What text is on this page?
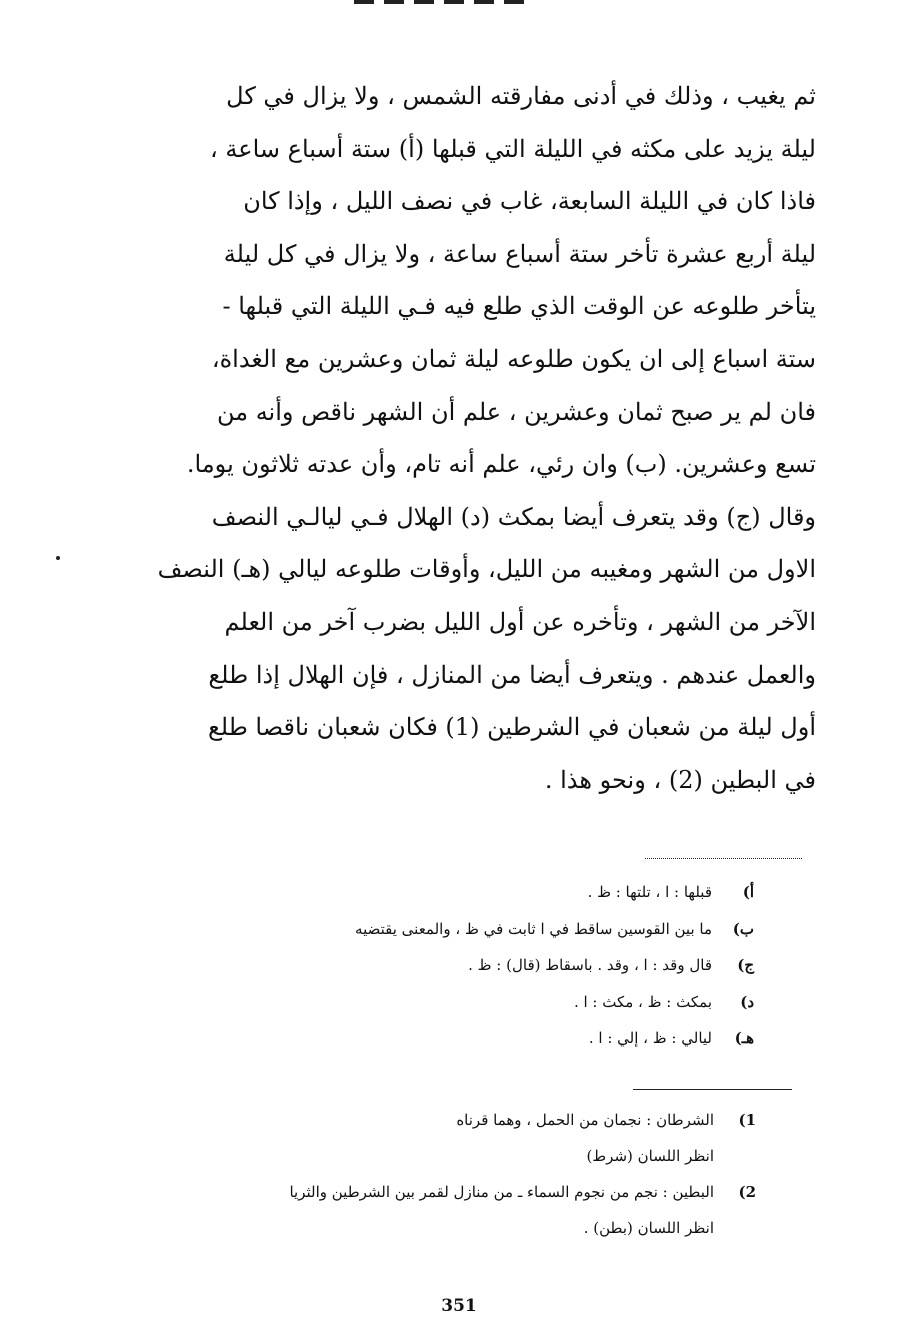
ثم يغيب ، وذلك في أدنى مفارقته الشمس ، ولا يزال في كل

ليلة يزيد على مكثه في الليلة التي قبلها (أ) ستة أسباع ساعة ،

فاذا كان في الليلة السابعة، غاب في نصف الليل ، وإذا كان

ليلة أربع عشرة تأخر ستة أسباع ساعة ، ولا يزال في كل ليلة

يتأخر طلوعه عن الوقت الذي طلع فيه فـي الليلة التي قبلها -

ستة اسباع إلى ان يكون طلوعه ليلة ثمان وعشرين مع الغداة،

فان لم ير صبح ثمان وعشرين ، علم أن الشهر ناقص وأنه من

تسع وعشرين. (ب) وان رئي، علم أنه تام، وأن عدته ثلاثون يوما.

وقال (ج) وقد يتعرف أيضا بمكث (د) الهلال فـي ليالـي النصف

الاول من الشهر ومغيبه من الليل، وأوقات طلوعه ليالي (هـ) النصف

الآخر من الشهر ، وتأخره عن أول الليل بضرب آخر من العلم

والعمل عندهم . ويتعرف أيضا من المنازل ، فإن الهلال إذا طلع

أول ليلة من شعبان في الشرطين (1) فكان شعبان ناقصا طلع

في البطين (2) ، ونحو هذا .

أ)
قبلها : ا ، تلتها : ظ .
ب)
ما بين القوسين ساقط في ا ثابت في ظ ، والمعنى يقتضيه
ج)
قال وقد : ا ، وقد . باسقاط (قال) : ظ .
د)
بمكث : ظ ، مكث : ا .
هـ)
ليالي : ظ ، إلي : ا .
1)
الشرطان : نجمان من الحمل ، وهما قرناه
انظر اللسان (شرط)
2)
البطين : نجم من نجوم السماء ـ من منازل لقمر بين الشرطين والثريا
انظر اللسان (بطن) .
351
